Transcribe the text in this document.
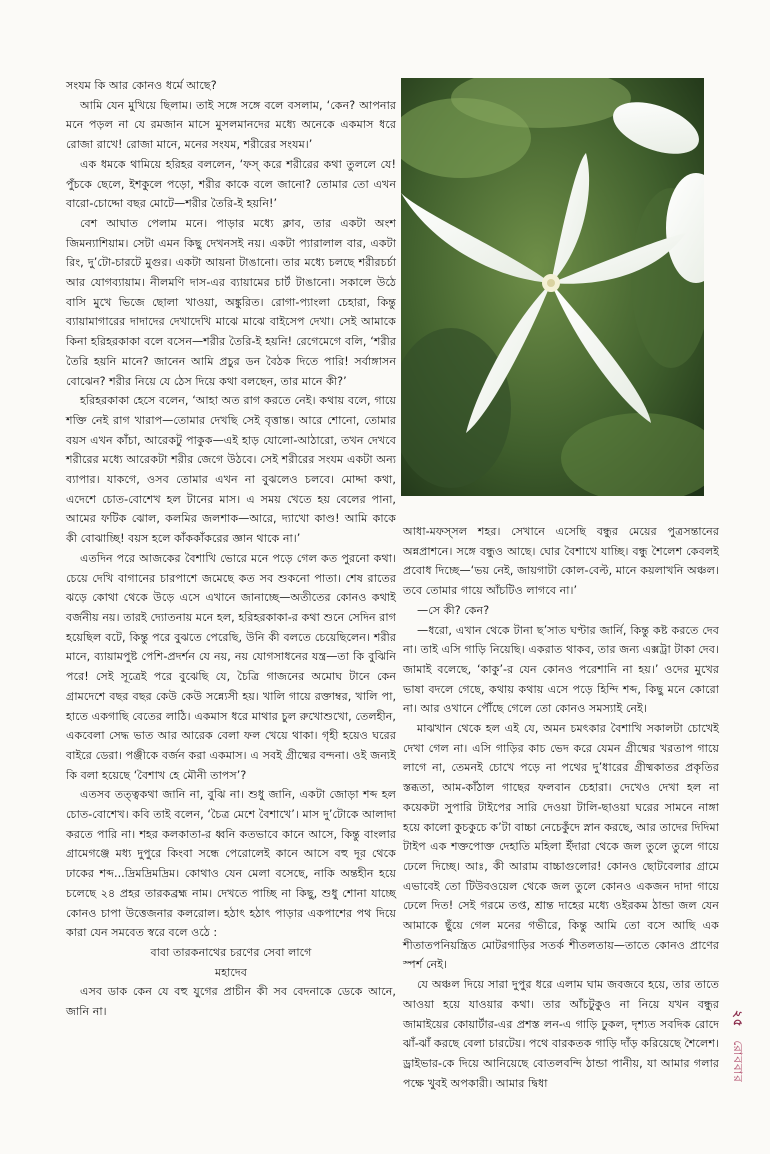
সংযম কি আর কোনও ধর্মে আছে?

আমি যেন মুখিয়ে ছিলাম। তাই সঙ্গে সঙ্গে বলে বসলাম, ‘কেন? আপনার মনে পড়ল না যে রমজান মাসে মুসলমানদের মধ্যে অনেকে একমাস ধরে রোজা রাখে! রোজা মানে, মনের সংযম, শরীরের সংযম।’

এক ধমকে থামিয়ে হরিহর বললেন, ‘ফস্ করে শরীরের কথা তুললে যে! পুঁচকে ছেলে, ইশকুলে পড়ো, শরীর কাকে বলে জানো? তোমার তো এখন বারো-চোদ্দো বছর মোটে—শরীর তৈরি-ই হয়নি!’

বেশ আঘাত পেলাম মনে। পাড়ার মধ্যে ক্লাব, তার একটা অংশ জিমন্যাশিয়াম। সেটা এমন কিছু দেখনসই নয়। একটা প্যারালাল বার, একটা রিং, দু’টো-চারটে মুগুর। একটা আয়না টাঙানো। তার মধ্যে চলছে শরীরচর্চা আর যোগব্যায়াম। নীলমণি দাস-এর ব্যায়ামের চার্ট টাঙানো। সকালে উঠে বাসি মুখে ভিজে ছোলা খাওয়া, অঙ্কুরিত। রোগা-প্যাংলা চেহারা, কিন্তু ব্যায়ামাগারের দাদাদের দেখাদেখি মাঝে মাঝে বাইসেপ দেখা। সেই আমাকে কিনা হরিহরকাকা বলে বসেন—শরীর তৈরি-ই হয়নি! রেগেমেগে বলি, ‘শরীর তৈরি হয়নি মানে? জানেন আমি প্রচুর ডন বৈঠক দিতে পারি! সর্বাঙ্গাসন বোঝেন? শরীর নিয়ে যে ঠেস দিয়ে কথা বলছেন, তার মানে কী?’

হরিহরকাকা হেসে বলেন, ‘আহা অত রাগ করতে নেই। কথায় বলে, গায়ে শক্তি নেই রাগ খারাপ—তোমার দেখছি সেই বৃত্তান্ত। আরে শোনো, তোমার বয়স এখন কাঁচা, আরেকটু পাকুক—এই হাড় যোলো-আঠারো, তখন দেখবে শরীরের মধ্যে আরেকটা শরীর জেগে উঠবে। সেই শরীরের সংযম একটা অন্য ব্যাপার। যাকগে, ওসব তোমার এখন না বুঝলেও চলবে। মোদ্দা কথা, এদেশে চোত-বোশেখ হল টানের মাস। এ সময় খেতে হয় বেলের পানা, আমের ফটিক ঝোল, কলমির জলশাক—আরে, দ্যাখো কাণ্ড! আমি কাকে কী বোঝাচ্ছি! বয়স হলে কাঁককাঁকরের জ্ঞান থাকে না।’

এতদিন পরে আজকের বৈশাখি ভোরে মনে পড়ে গেল কত পুরনো কথা। চেয়ে দেখি বাগানের চারপাশে জমেছে কত সব শুকনো পাতা। শেষ রাতের ঝড়ে কোথা থেকে উড়ে এসে এখানে জানাচ্ছে—অতীতের কোনও কথাই বর্জনীয় নয়। তারই দ্যোতনায় মনে হল, হরিহরকাকা-র কথা শুনে সেদিন রাগ হয়েছিল বটে, কিন্তু পরে বুঝতে পেরেছি, উনি কী বলতে চেয়েছিলেন। শরীর মানে, ব্যায়ামপুষ্ট পেশি-প্রদর্শন যে নয়, নয় যোগসাধনের যন্ত্র—তা কি বুঝিনি পরে! সেই সূত্রেই পরে বুঝেছি যে, চৈত্রি গাজনের অমোঘ টানে কেন গ্রামদেশে বছর বছর কেউ কেউ সন্ন্যেসী হয়। খালি গায়ে রক্তাম্বর, খালি পা, হাতে একগাছি বেতের লাঠি। একমাস ধরে মাথার চুল রুখোশুখো, তেলহীন, একবেলা সেদ্ধ ভাত আর আরেক বেলা ফল খেয়ে থাকা। গৃহী হয়েও ঘরের বাইরে ডেরা। পঞ্জীকে বর্জন করা একমাস। এ সবই গ্রীষ্মের বন্দনা। ওই জন্যই কি বলা হয়েছে ‘বৈশাখ হে মৌনী তাপস’?

এতসব তত্ত্বকথা জানি না, বুঝি না। শুধু জানি, একটা জোড়া শব্দ হল চোত-বোশেখ। কবি তাই বলেন, ‘চৈত্র মেশে বৈশাখে’। মাস দু’টোকে আলাদা করতে পারি না। শহর কলকাতা-র ধ্বনি কতভাবে কানে আসে, কিন্তু বাংলার গ্রামেগঞ্জে মধ্য দুপুরে কিংবা সন্ধে পেরোলেই কানে আসে বহু দূর থেকে ঢাকের শব্দ...দ্রিমদ্রিমদ্রিম। কোথাও যেন মেলা বসেছে, নাকি অন্তহীন হয়ে চলেছে ২৪ প্রহর তারকব্রহ্ম নাম। দেখতে পাচ্ছি না কিছু, শুধু শোনা যাচ্ছে কোনও চাপা উত্তেজনার কলরোল। হঠাৎ হঠাৎ পাড়ার একপাশের পথ দিয়ে কারা যেন সমবেত স্বরে বলে ওঠে :

বাবা তারকনাথের চরণের সেবা লাগে

মহাদেব

এসব ডাক কেন যে বহু যুগের প্রাচীন কী সব বেদনাকে ডেকে আনে, জানি না।

আধা-মফস্সল শহর। সেখানে এসেছি বন্ধুর মেয়ের পুত্রসন্তানের অন্নপ্রাশনে। সঙ্গে বন্ধুও আছে। ঘোর বৈশাখে যাচ্ছি। বন্ধু শৈলেশ কেবলই প্রবোধ দিচ্ছে—‘ভয় নেই, জায়গাটা কোল-বেল্ট, মানে কয়লাখনি অঞ্চল। তবে তোমার গায়ে আঁচটিও লাগবে না।’

—সে কী? কেন?

—ধরো, এখান থেকে টানা ছ’সাত ঘণ্টার জার্নি, কিন্তু কষ্ট করতে দেব না। তাই এসি গাড়ি নিয়েছি। একরাত থাকব, তার জন্য এক্সট্রা টাকা দেব। জামাই বলেছে, ‘কাকু’-র যেন কোনও পরেশানি না হয়।’ ওদের মুখের ভাষা বদলে গেছে, কথায় কথায় এসে পড়ে হিন্দি শব্দ, কিছু মনে কোরো না। আর ওখানে পৌঁছে গেলে তো কোনও সমস্যাই নেই।

মাঝখান থেকে হল এই যে, অমন চমৎকার বৈশাখি সকালটা চোখেই দেখা গেল না। এসি গাড়ির কাচ ভেদ করে যেমন গ্রীষ্মের খরতাপ গায়ে লাগে না, তেমনই চোখে পড়ে না পথের দু’ধারের গ্রীষ্মকাতর প্রকৃতির স্তব্ধতা, আম-কাঁঠাল গাছের ফলবান চেহারা। দেখেও দেখা হল না কয়েকটা সুপারি টাইপের সারি দেওয়া টালি-ছাওয়া ঘরের সামনে নাঙ্গা হয়ে কালো কুচকুচে ক’টা বাচ্চা নেচেকুঁদে স্নান করছে, আর তাদের দিদিমা টাইপ এক শক্তপোক্ত দেহাতি মহিলা ইঁদারা থেকে জল তুলে তুলে গায়ে ঢেলে দিচ্ছে। আঃ, কী আরাম বাচ্চাগুলোর! কোনও ছোটবেলার গ্রামে এভাবেই তো টিউবওয়েল থেকে জল তুলে কোনও একজন দাদা গায়ে ঢেলে দিত! সেই গরমে তপ্ত, শ্রান্ত দাহের মধ্যে ওইরকম ঠান্ডা জল যেন আমাকে ছুঁয়ে গেল মনের গভীরে, কিন্তু আমি তো বসে আছি এক শীতাতপনিয়ন্ত্রিত মোটরগাড়ির সতর্ক শীতলতায়—তাতে কোনও প্রাণের স্পর্শ নেই।

যে অঞ্চল দিয়ে সারা দুপুর ধরে এলাম ঘাম জবজবে হয়ে, তার তাতে আওয়া হয়ে যাওয়ার কথা। তার আঁচটুকুও না নিয়ে যখন বন্ধুর জামাইয়ের কোয়ার্টার-এর প্রশস্ত লন-এ গাড়ি ঢুকল, দৃশ্যত সবদিক রোদে ঝাঁ-ঝাঁ করছে বেলা চারটেয়। পথে বারকতক গাড়ি দাঁড় করিয়েছে শৈলেশ। ড্রাইভার-কে দিয়ে আনিয়েছে বোতলবন্দি ঠান্ডা পানীয়, যা আমার গলার পক্ষে খুবই অপকারী। আমার দ্বিধা

২৫ রোববার
